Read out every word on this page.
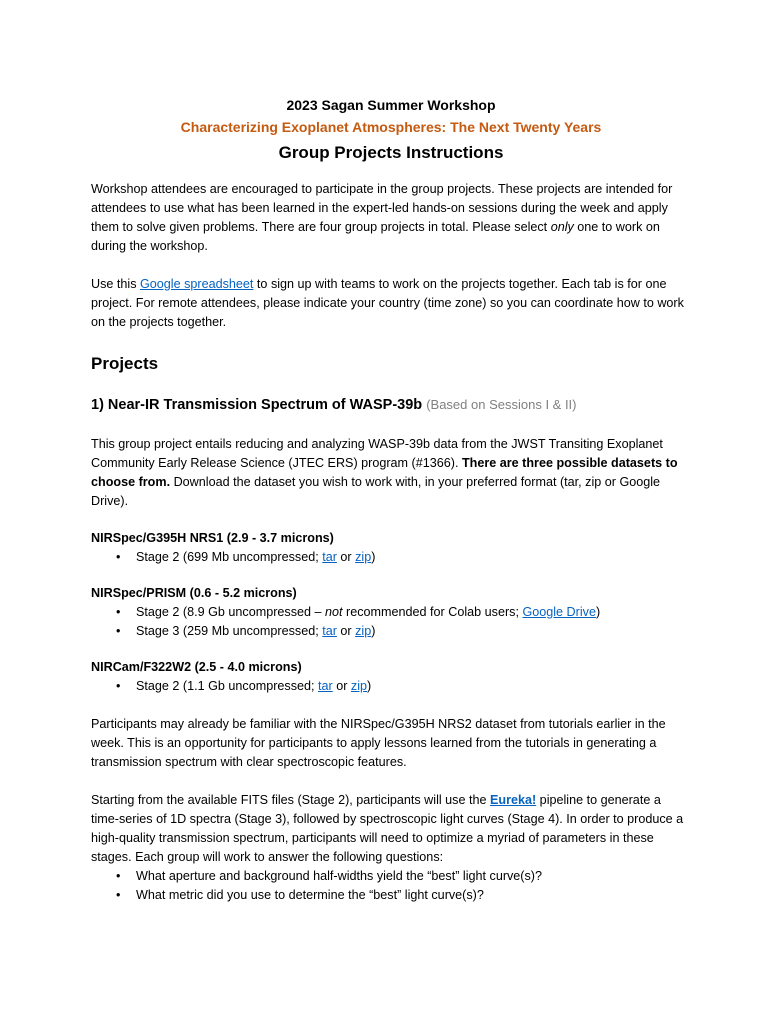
2023 Sagan Summer Workshop
Characterizing Exoplanet Atmospheres: The Next Twenty Years
Group Projects Instructions

Workshop attendees are encouraged to participate in the group projects. These projects are intended for attendees to use what has been learned in the expert-led hands-on sessions during the week and apply them to solve given problems. There are four group projects in total. Please select only one to work on during the workshop.

Use this Google spreadsheet to sign up with teams to work on the projects together. Each tab is for one project. For remote attendees, please indicate your country (time zone) so you can coordinate how to work on the projects together.

Projects
1) Near-IR Transmission Spectrum of WASP-39b (Based on Sessions I & II)

This group project entails reducing and analyzing WASP-39b data from the JWST Transiting Exoplanet Community Early Release Science (JTEC ERS) program (#1366). There are three possible datasets to choose from. Download the dataset you wish to work with, in your preferred format (tar, zip or Google Drive).

NIRSpec/G395H NRS1 (2.9 - 3.7 microns)
• Stage 2 (699 Mb uncompressed; tar or zip)
NIRSpec/PRISM (0.6 - 5.2 microns)
• Stage 2 (8.9 Gb uncompressed – not recommended for Colab users; Google Drive)
• Stage 3 (259 Mb uncompressed; tar or zip)
NIRCam/F322W2 (2.5 - 4.0 microns)
• Stage 2 (1.1 Gb uncompressed; tar or zip)

Participants may already be familiar with the NIRSpec/G395H NRS2 dataset from tutorials earlier in the week. This is an opportunity for participants to apply lessons learned from the tutorials in generating a transmission spectrum with clear spectroscopic features.

Starting from the available FITS files (Stage 2), participants will use the Eureka! pipeline to generate a time-series of 1D spectra (Stage 3), followed by spectroscopic light curves (Stage 4). In order to produce a high-quality transmission spectrum, participants will need to optimize a myriad of parameters in these stages. Each group will work to answer the following questions:

• What aperture and background half-widths yield the “best” light curve(s)?
• What metric did you use to determine the “best” light curve(s)?
